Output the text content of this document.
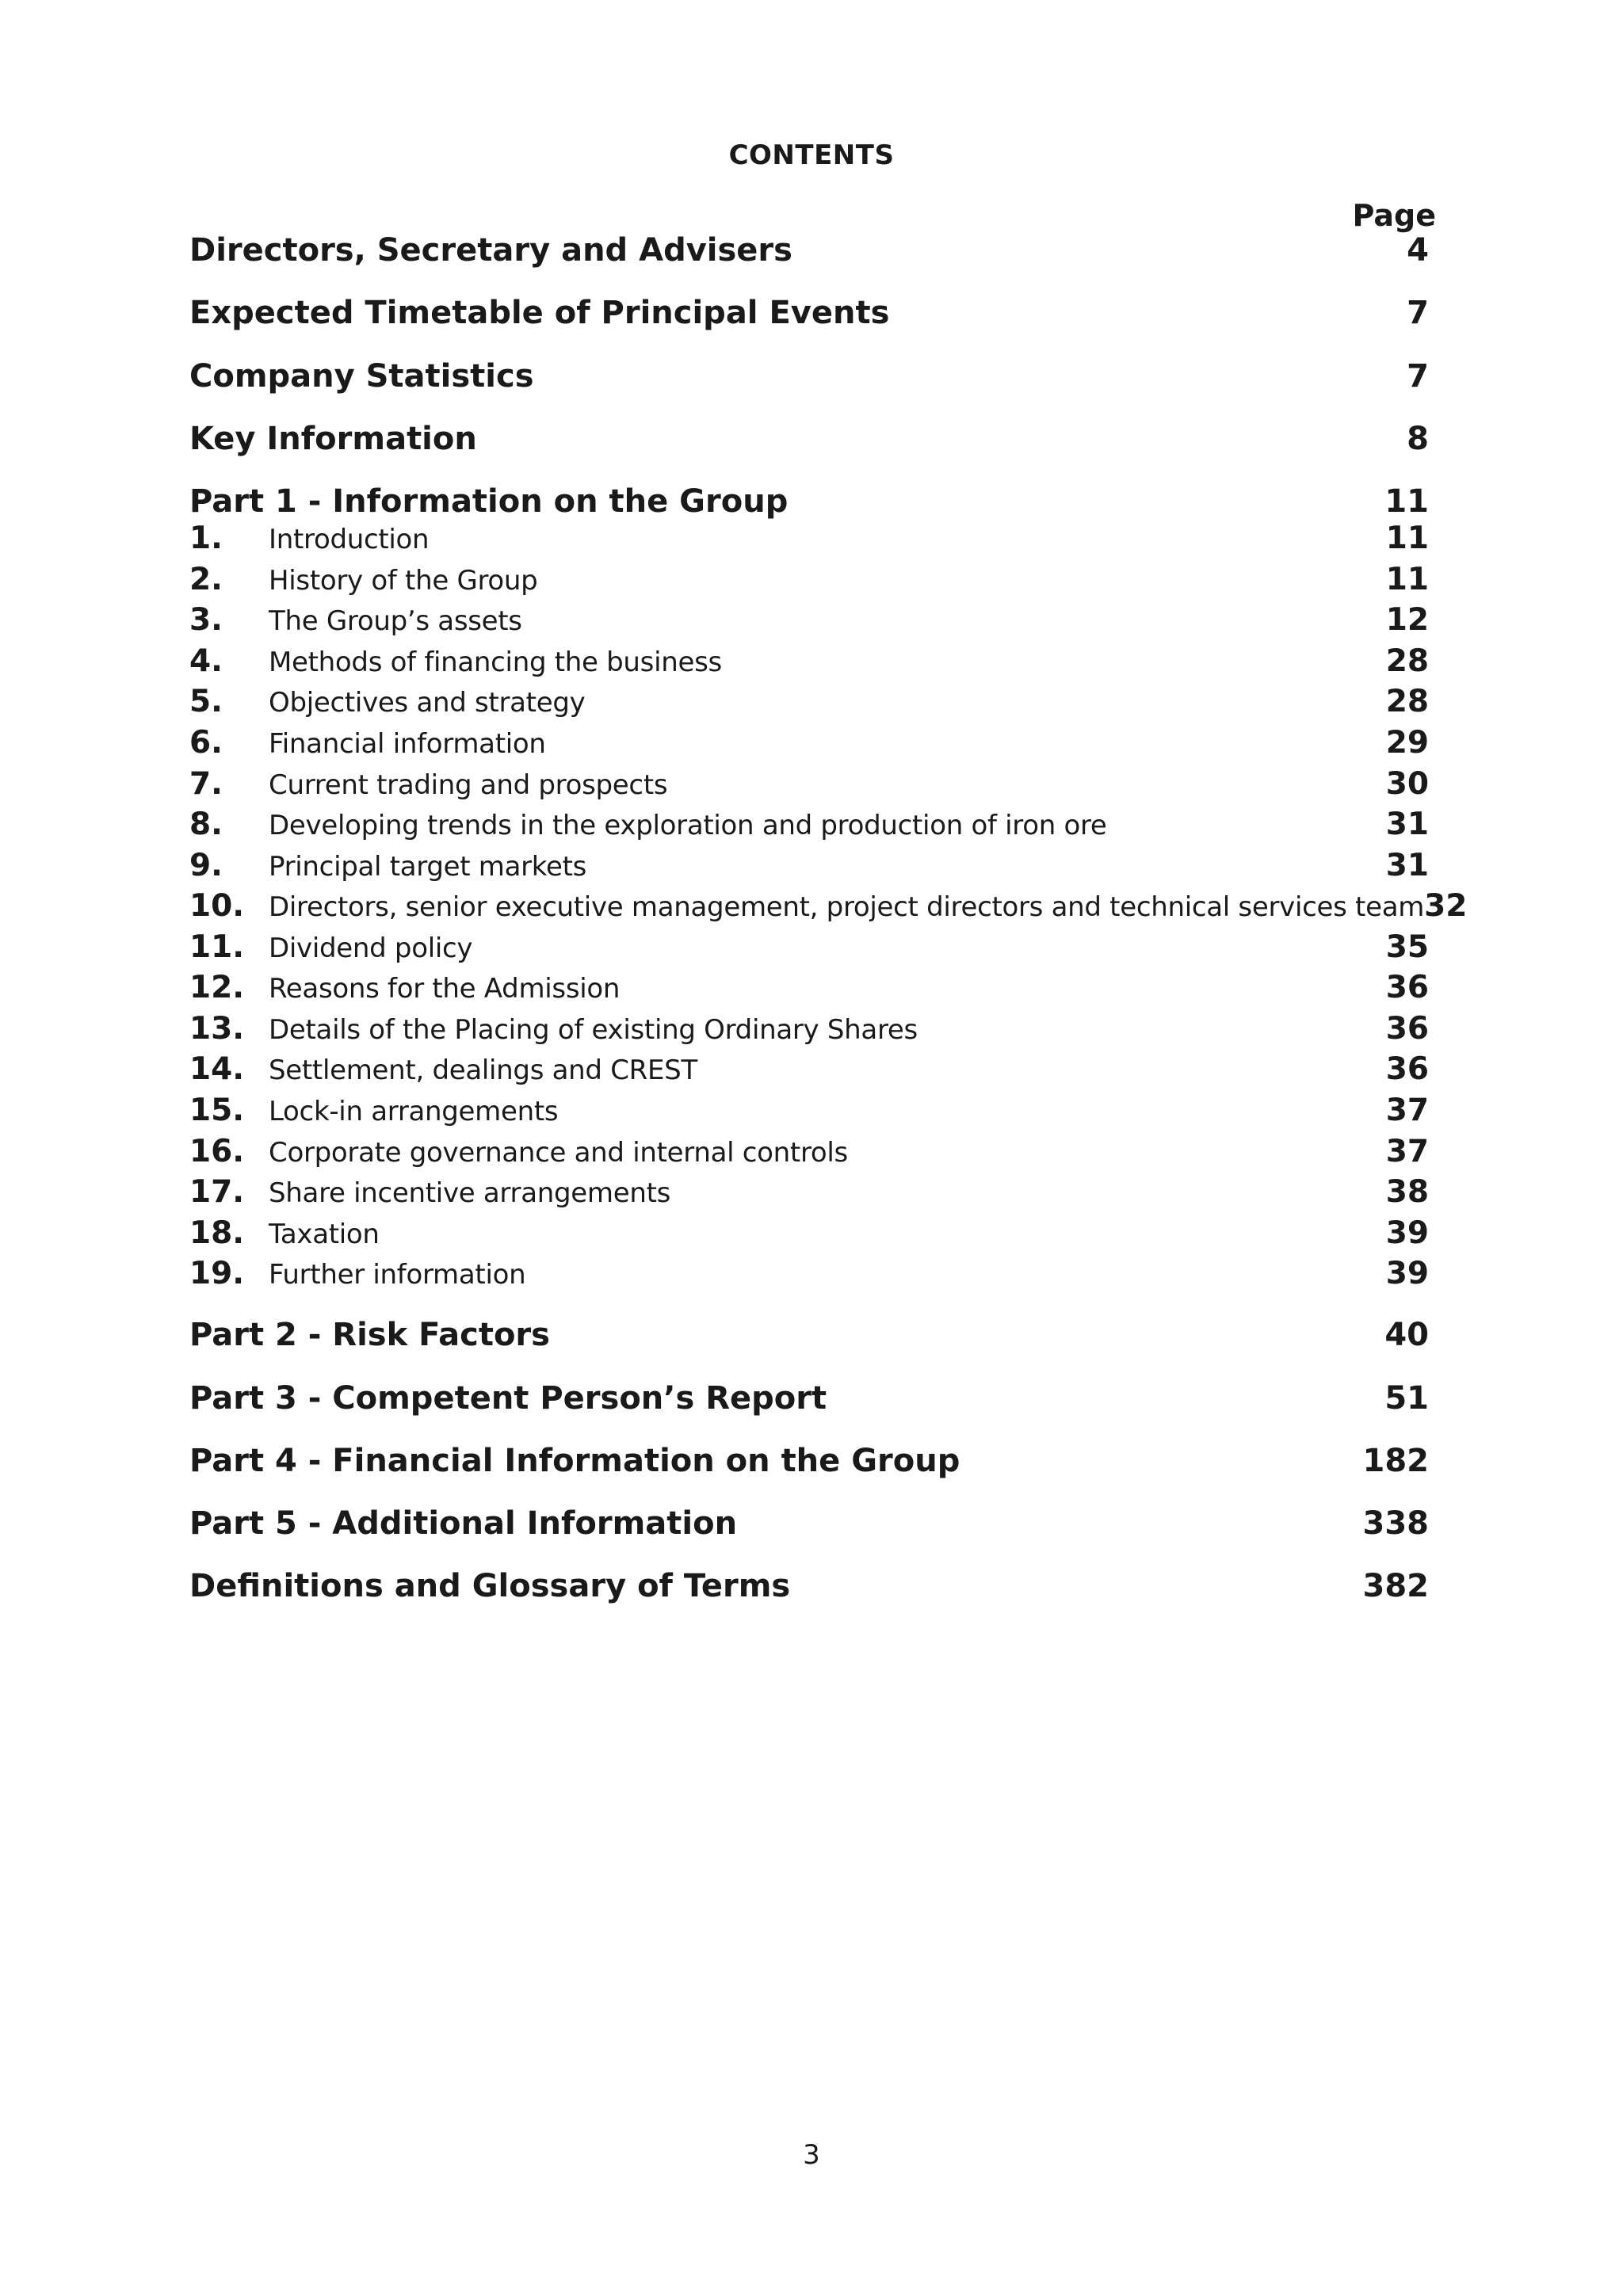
CONTENTS
Page
Directors, Secretary and Advisers	4
Expected Timetable of Principal Events	7
Company Statistics	7
Key Information	8
Part 1 - Information on the Group	11
1.	Introduction	11
2.	History of the Group	11
3.	The Group’s assets	12
4.	Methods of financing the business	28
5.	Objectives and strategy	28
6.	Financial information	29
7.	Current trading and prospects	30
8.	Developing trends in the exploration and production of iron ore	31
9.	Principal target markets	31
10. Directors, senior executive management, project directors and technical services team 32
11. Dividend policy	35
12. Reasons for the Admission	36
13. Details of the Placing of existing Ordinary Shares	36
14. Settlement, dealings and CREST	36
15. Lock-in arrangements	37
16. Corporate governance and internal controls	37
17. Share incentive arrangements	38
18. Taxation	39
19. Further information	39
Part 2 - Risk Factors	40
Part 3 - Competent Person’s Report	51
Part 4 - Financial Information on the Group	182
Part 5 - Additional Information	338
Definitions and Glossary of Terms	382
3
